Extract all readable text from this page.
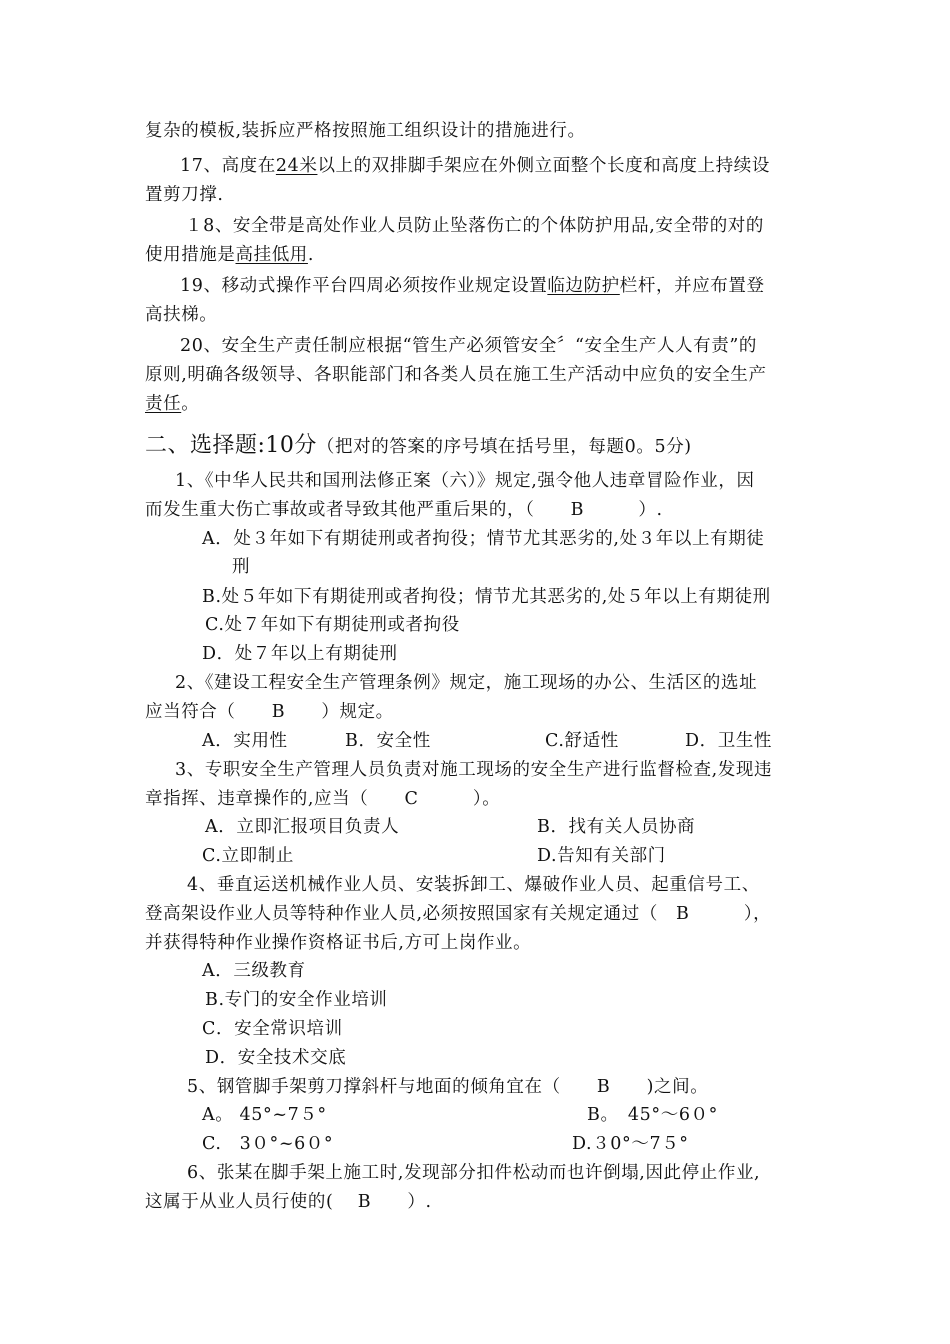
复杂的模板,装拆应严格按照施工组织设计的措施进行。
17、高度在24米以上的双排脚手架应在外侧立面整个长度和高度上持续设
置剪刀撑.
１8、安全带是高处作业人员防止坠落伤亡的个体防护用品,安全带的对的
使用措施是高挂低用.
19、移动式操作平台四周必须按作业规定设置临边防护栏杆，并应布置登
高扶梯。
20、安全生产责任制应根据“管生产必须管安全〞“安全生产人人有责”的
原则,明确各级领导、各职能部门和各类人员在施工生产活动中应负的安全生产
责任。
二、选择题:10分（把对的答案的序号填在括号里，每题0。5分)
1、《中华人民共和国刑法修正案（六）》规定,强令他人违章冒险作业，因
而发生重大伤亡事故或者导致其他严重后果的，（　　B　　　）.
A．处３年如下有期徒刑或者拘役；情节尤其恶劣的,处３年以上有期徒
刑
B.处５年如下有期徒刑或者拘役；情节尤其恶劣的,处５年以上有期徒刑
C.处７年如下有期徒刑或者拘役
D．处７年以上有期徒刑
2、《建设工程安全生产管理条例》规定，施工现场的办公、生活区的选址
应当符合（　　B　　）规定。
A．实用性	B．安全性	C.舒适性	D．卫生性
3、专职安全生产管理人员负责对施工现场的安全生产进行监督检查,发现违
章指挥、违章操作的,应当（　　C　　　）。
A．立即汇报项目负责人	B．找有关人员协商
C.立即制止	D.告知有关部门
4、垂直运送机械作业人员、安装拆卸工、爆破作业人员、起重信号工、
登高架设作业人员等特种作业人员,必须按照国家有关规定通过（　B　　　），
并获得特种作业操作资格证书后,方可上岗作业。
A．三级教育
B.专门的安全作业培训
C．安全常识培训
D．安全技术交底
5、钢管脚手架剪刀撑斜杆与地面的倾角宜在（　　B　　)之间。
A。 45°~7５°	B。　45°～6０°
C.　3０°~6０°	D.３0°～7５°
6、张某在脚手架上施工时,发现部分扣件松动而也许倒塌,因此停止作业,
这属于从业人员行使的(　 B　　）.
